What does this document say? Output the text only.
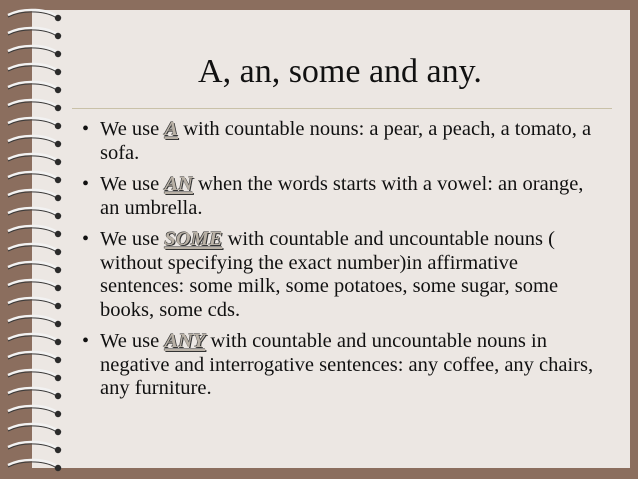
A, an, some and any.
• We use A with countable nouns: a pear, a peach, a tomato, a sofa.
• We use AN when the words starts with a vowel: an orange, an umbrella.
• We use SOME with countable and uncountable nouns ( without specifying the exact number)in affirmative sentences: some milk, some potatoes, some sugar, some books, some cds.
• We use ANY with countable and uncountable nouns in negative and interrogative sentences: any coffee, any chairs, any furniture.
